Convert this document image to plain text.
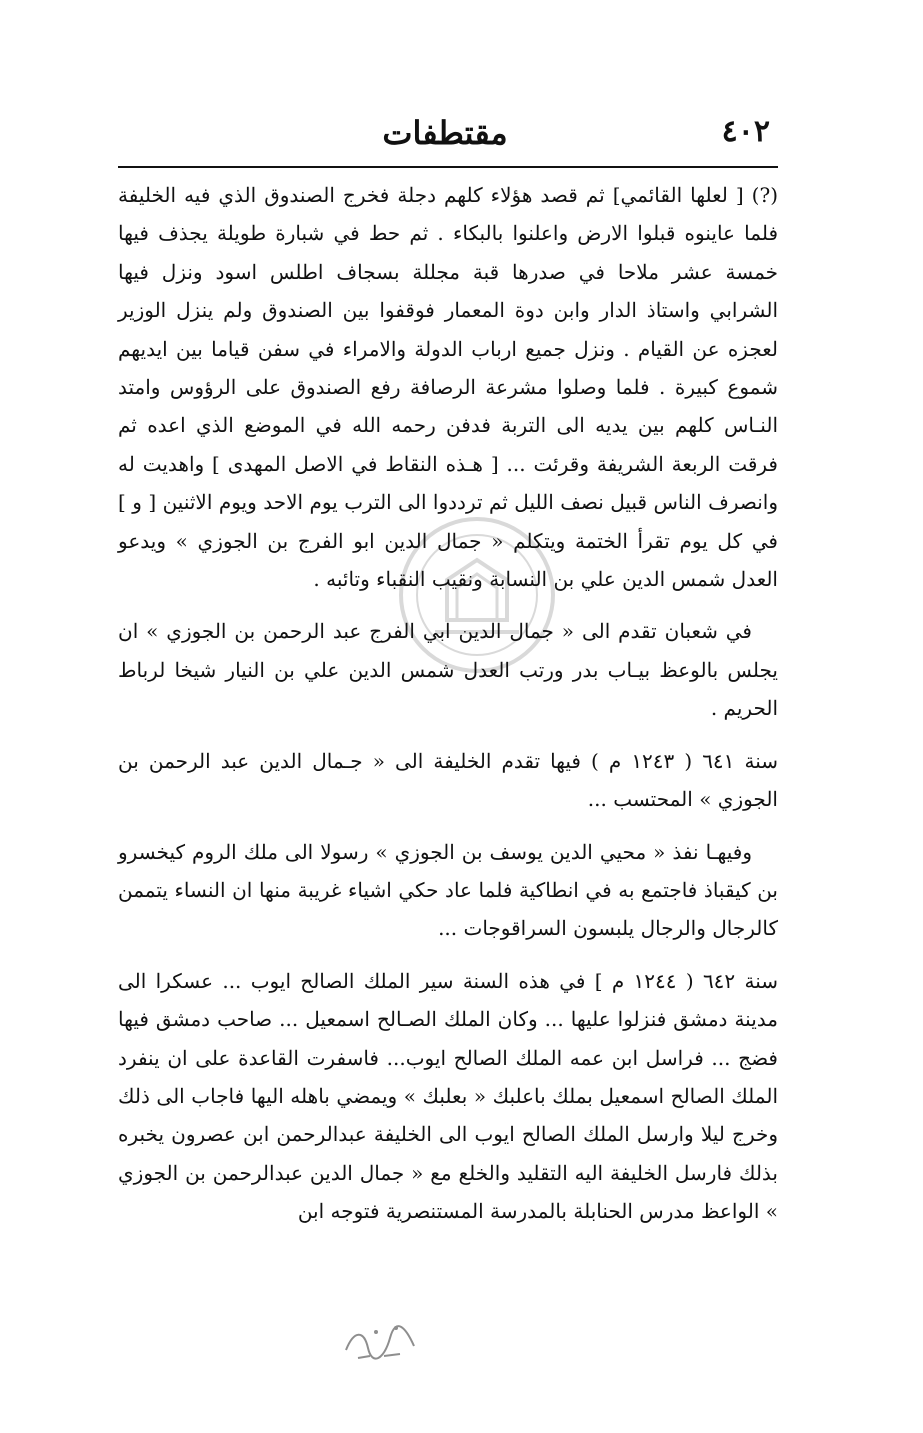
٤٠٢
مقتطفات

(?) [ لعلها القائمي] ثم قصد هؤلاء كلهم دجلة فخرج الصندوق الذي فيه الخليفة فلما عاينوه قبلوا الارض واعلنوا بالبكاء . ثم حط في شبارة طويلة يجذف فيها خمسة عشر ملاحا في صدرها قبة مجللة بسجاف اطلس اسود ونزل فيها الشرابي واستاذ الدار وابن دوة المعمار فوقفوا بين الصندوق ولم ينزل الوزير لعجزه عن القيام . ونزل جميع ارباب الدولة والامراء في سفن قياما بين ايديهم شموع كبيرة . فلما وصلوا مشرعة الرصافة رفع الصندوق على الرؤوس وامتد النـاس كلهم بين يديه الى التربة فدفن رحمه الله في الموضع الذي اعده ثم فرقت الربعة الشريفة وقرئت ... [ هـذه النقاط في الاصل المهدى ] واهديت له وانصرف الناس قبيل نصف الليل ثم ترددوا الى الترب يوم الاحد ويوم الاثنين [ و ] في كل يوم تقرأ الختمة ويتكلم « جمال الدين ابو الفرج بن الجوزي » ويدعو العدل شمس الدين علي بن النسابة ونقيب النقباء وتائبه .

في شعبان تقدم الى « جمال الدين ابي الفرج عبد الرحمن بن الجوزي » ان يجلس بالوعظ بيـاب بدر ورتب العدل شمس الدين علي بن النيار شيخا لرباط الحريم .

سنة ٦٤١ ( ١٢٤٣ م ) فيها تقدم الخليفة الى « جـمال الدين عبد الرحمن بن الجوزي » المحتسب ...

وفيهـا نفذ « محيي الدين يوسف بن الجوزي » رسولا الى ملك الروم كيخسرو بن كيقباذ فاجتمع به في انطاكية فلما عاد حكي اشياء غريبة منها ان النساء يتممن كالرجال والرجال يلبسون السراقوجات ...

سنة ٦٤٢ ( ١٢٤٤ م ] في هذه السنة سير الملك الصالح ايوب ... عسكرا الى مدينة دمشق فنزلوا عليها ... وكان الملك الصـالح اسمعيل ... صاحب دمشق فيها فضج ... فراسل ابن عمه الملك الصالح ايوب... فاسفرت القاعدة على ان ينفرد الملك الصالح اسمعيل بملك باعلبك « بعلبك » ويمضي باهله اليها فاجاب الى ذلك وخرج ليلا وارسل الملك الصالح ايوب الى الخليفة عبدالرحمن ابن عصرون يخبره بذلك فارسل الخليفة اليه التقليد والخلع مع « جمال الدين عبدالرحمن بن الجوزي » الواعظ مدرس الحنابلة بالمدرسة المستنصرية فتوجه ابن
